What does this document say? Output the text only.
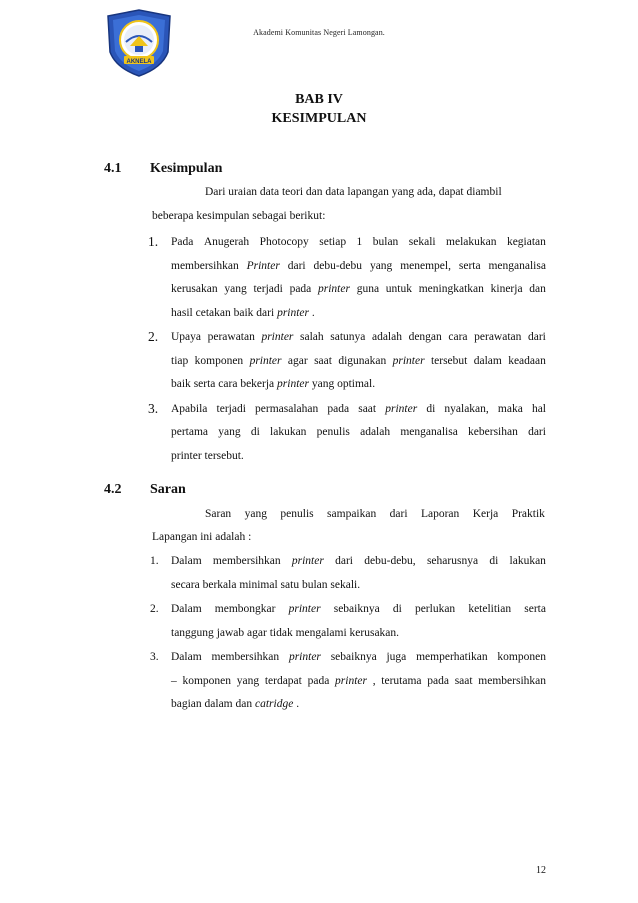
AKNELA
Akademi Komunitas Negeri Lamongan.
BAB IV
KESIMPULAN
4.1 Kesimpulan
Dari uraian data teori dan data lapangan yang ada, dapat diambil
beberapa kesimpulan sebagai berikut:
1. Pada Anugerah Photocopy setiap 1 bulan sekali melakukan kegiatan
membersihkan Printer dari debu-debu yang menempel, serta menganalisa
kerusakan yang terjadi pada printer guna untuk meningkatkan kinerja dan
hasil cetakan baik dari printer .
2. Upaya perawatan printer salah satunya adalah dengan cara perawatan dari
tiap komponen printer agar saat digunakan printer tersebut dalam keadaan
baik serta cara bekerja printer yang optimal.
3. Apabila terjadi permasalahan pada saat printer di nyalakan, maka hal
pertama yang di lakukan penulis adalah menganalisa kebersihan dari
printer tersebut.
4.2 Saran
Saran yang penulis sampaikan dari Laporan Kerja Praktik
Lapangan ini adalah :
1. Dalam membersihkan printer dari debu-debu, seharusnya di lakukan
secara berkala minimal satu bulan sekali.
2. Dalam membongkar printer sebaiknya di perlukan ketelitian serta
tanggung jawab agar tidak mengalami kerusakan.
3. Dalam membersihkan printer sebaiknya juga memperhatikan komponen
– komponen yang terdapat pada printer , terutama pada saat membersihkan
bagian dalam dan catridge .
12
